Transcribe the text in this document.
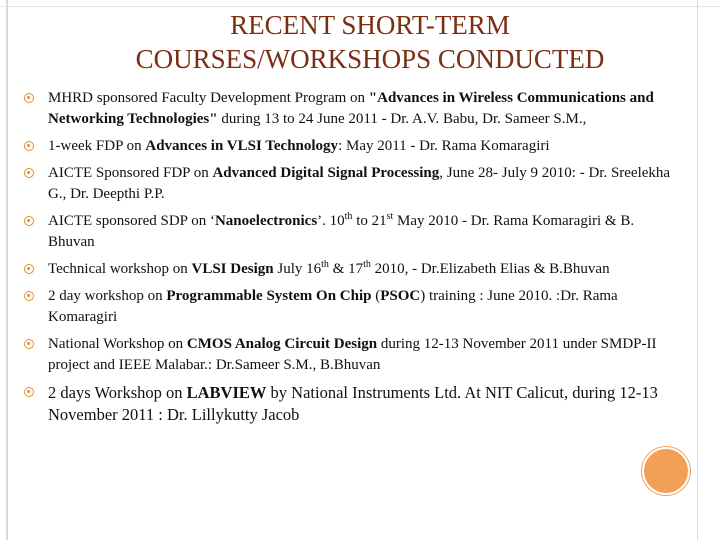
RECENT SHORT-TERM
COURSES/WORKSHOPS CONDUCTED
MHRD sponsored Faculty Development Program on "Advances in Wireless Communications and Networking Technologies" during 13 to 24 June 2011 - Dr. A.V. Babu, Dr. Sameer S.M.,
1-week FDP on Advances in VLSI Technology: May 2011 - Dr. Rama Komaragiri
AICTE Sponsored FDP on Advanced Digital Signal Processing, June 28- July 9 2010: - Dr. Sreelekha G., Dr. Deepthi P.P.
AICTE sponsored SDP on ‘Nanoelectronics’. 10th to 21st May 2010 - Dr. Rama Komaragiri & B. Bhuvan
Technical workshop on VLSI Design July 16th & 17th 2010, - Dr.Elizabeth Elias & B.Bhuvan
2 day workshop on Programmable System On Chip (PSOC) training : June 2010. :Dr. Rama Komaragiri
National Workshop on CMOS Analog Circuit Design during 12-13 November 2011 under SMDP-II project and IEEE Malabar.: Dr.Sameer S.M., B.Bhuvan
2 days Workshop on LABVIEW by National Instruments Ltd. At NIT Calicut, during 12-13 November 2011 : Dr. Lillykutty Jacob
